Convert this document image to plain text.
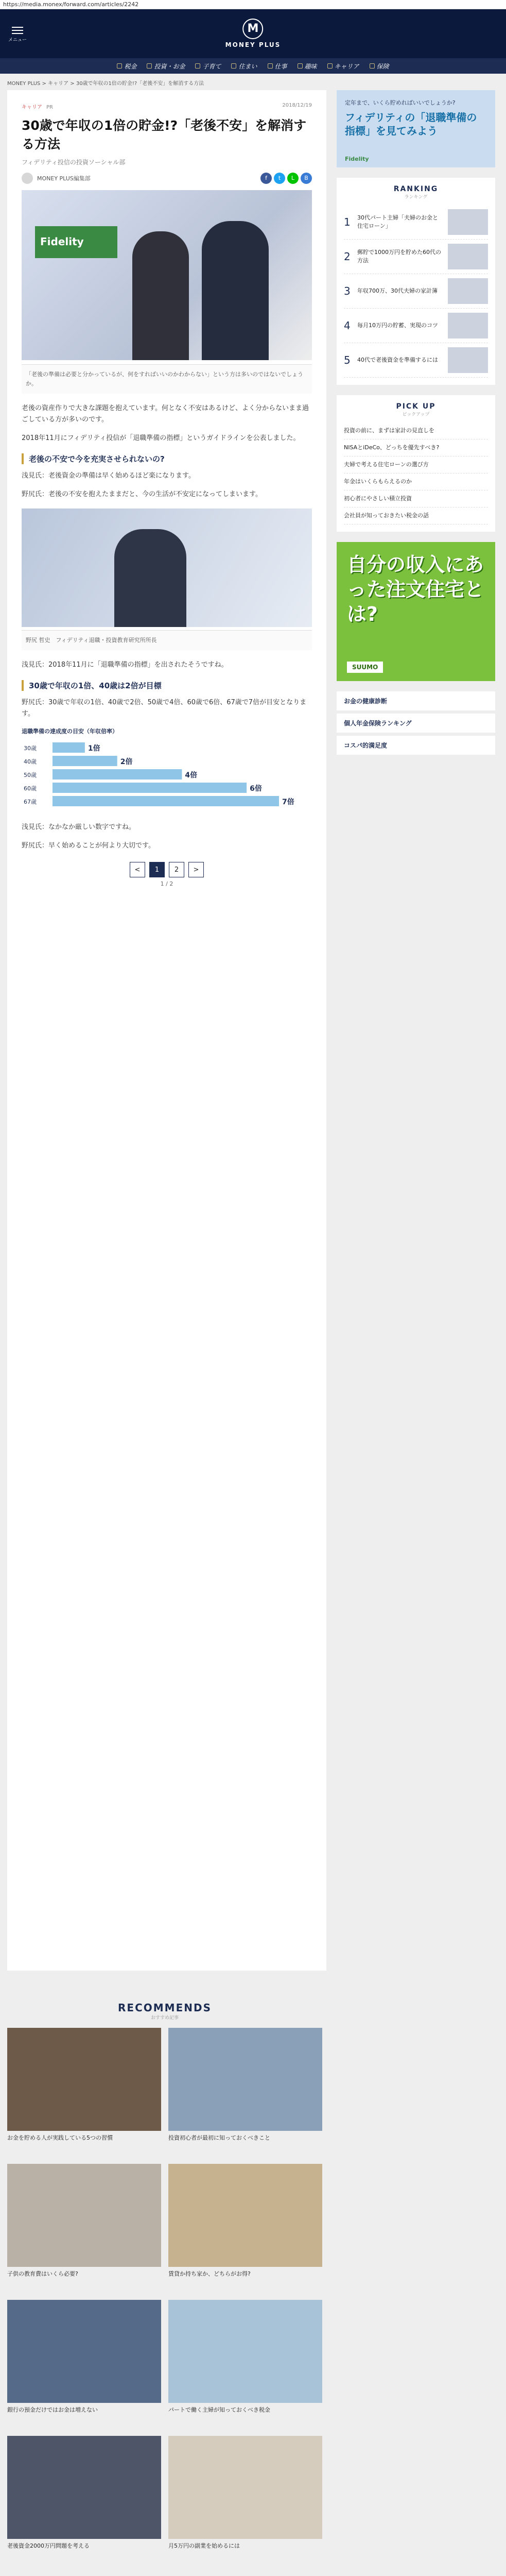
https://media.monex/forward.com/articles/2242
メニュー
M
MONEY PLUS
税金	投資・お金	子育て	住まい	仕事	趣味	キャリア	保険
MONEY PLUS > キャリア > 30歳で年収の1倍の貯金!?「老後不安」を解消する方法
キャリア PR	2018/12/19
30歳で年収の1倍の貯金!?「老後不安」を解消する方法
フィデリティ投信の投資ソーシャル部
MONEY PLUS編集部	f	t	L	B
Fidelity
「老後の準備は必要と分かっているが、何をすればいいのかわからない」という方は多いのではないでしょうか。

老後の資産作りで大きな課題を抱えています。何となく不安はあるけど、よく分からないまま過ごしている方が多いのです。

2018年11月にフィデリティ投信が「退職準備の指標」というガイドラインを公表しました。

老後の不安で今を充実させられないの?

浅見氏：老後資金の準備は早く始めるほど楽になります。

野尻氏：老後の不安を抱えたままだと、今の生活が不安定になってしまいます。

野尻 哲史　フィデリティ退職・投資教育研究所所長

浅見氏：2018年11月に「退職準備の指標」を出されたそうですね。

30歳で年収の1倍、40歳は2倍が目標

野尻氏：30歳で年収の1倍、40歳で2倍、50歳で4倍、60歳で6倍、67歳で7倍が目安となります。

退職準備の達成度の目安（年収倍率）
30歳	1倍
40歳	2倍
50歳	4倍
60歳	6倍
67歳	7倍

浅見氏：なかなか厳しい数字ですね。

野尻氏：早く始めることが何より大切です。

<	1	2	>
1 / 2
定年まで、いくら貯めればいいでしょうか?
フィデリティの「退職準備の指標」を見てみよう
Fidelity
RANKING
ランキング
1 30代パート主婦「夫婦のお金と住宅ローン」
2 郵貯で1000万円を貯めた60代の方法
3 年収700万、30代夫婦の家計簿
4 毎月10万円の貯蓄、実現のコツ
5 40代で老後資金を準備するには
PICK UP
ピックアップ
投資の前に、まずは家計の見直しを
NISAとiDeCo、どっちを優先すべき?
夫婦で考える住宅ローンの選び方
年金はいくらもらえるのか
初心者にやさしい積立投資
会社員が知っておきたい税金の話
自分の収入にあった注文住宅とは?
SUUMO
お金の健康診断
個人年金保険ランキング
コスパ的満足度
RECOMMENDS
おすすめ記事
お金を貯める人が実践している5つの習慣	投資初心者が最初に知っておくべきこと
子供の教育費はいくら必要?	賃貸か持ち家か、どちらがお得?
銀行の預金だけではお金は増えない	パートで働く主婦が知っておくべき税金
老後資金2000万円問題を考える	月5万円の副業を始めるには
